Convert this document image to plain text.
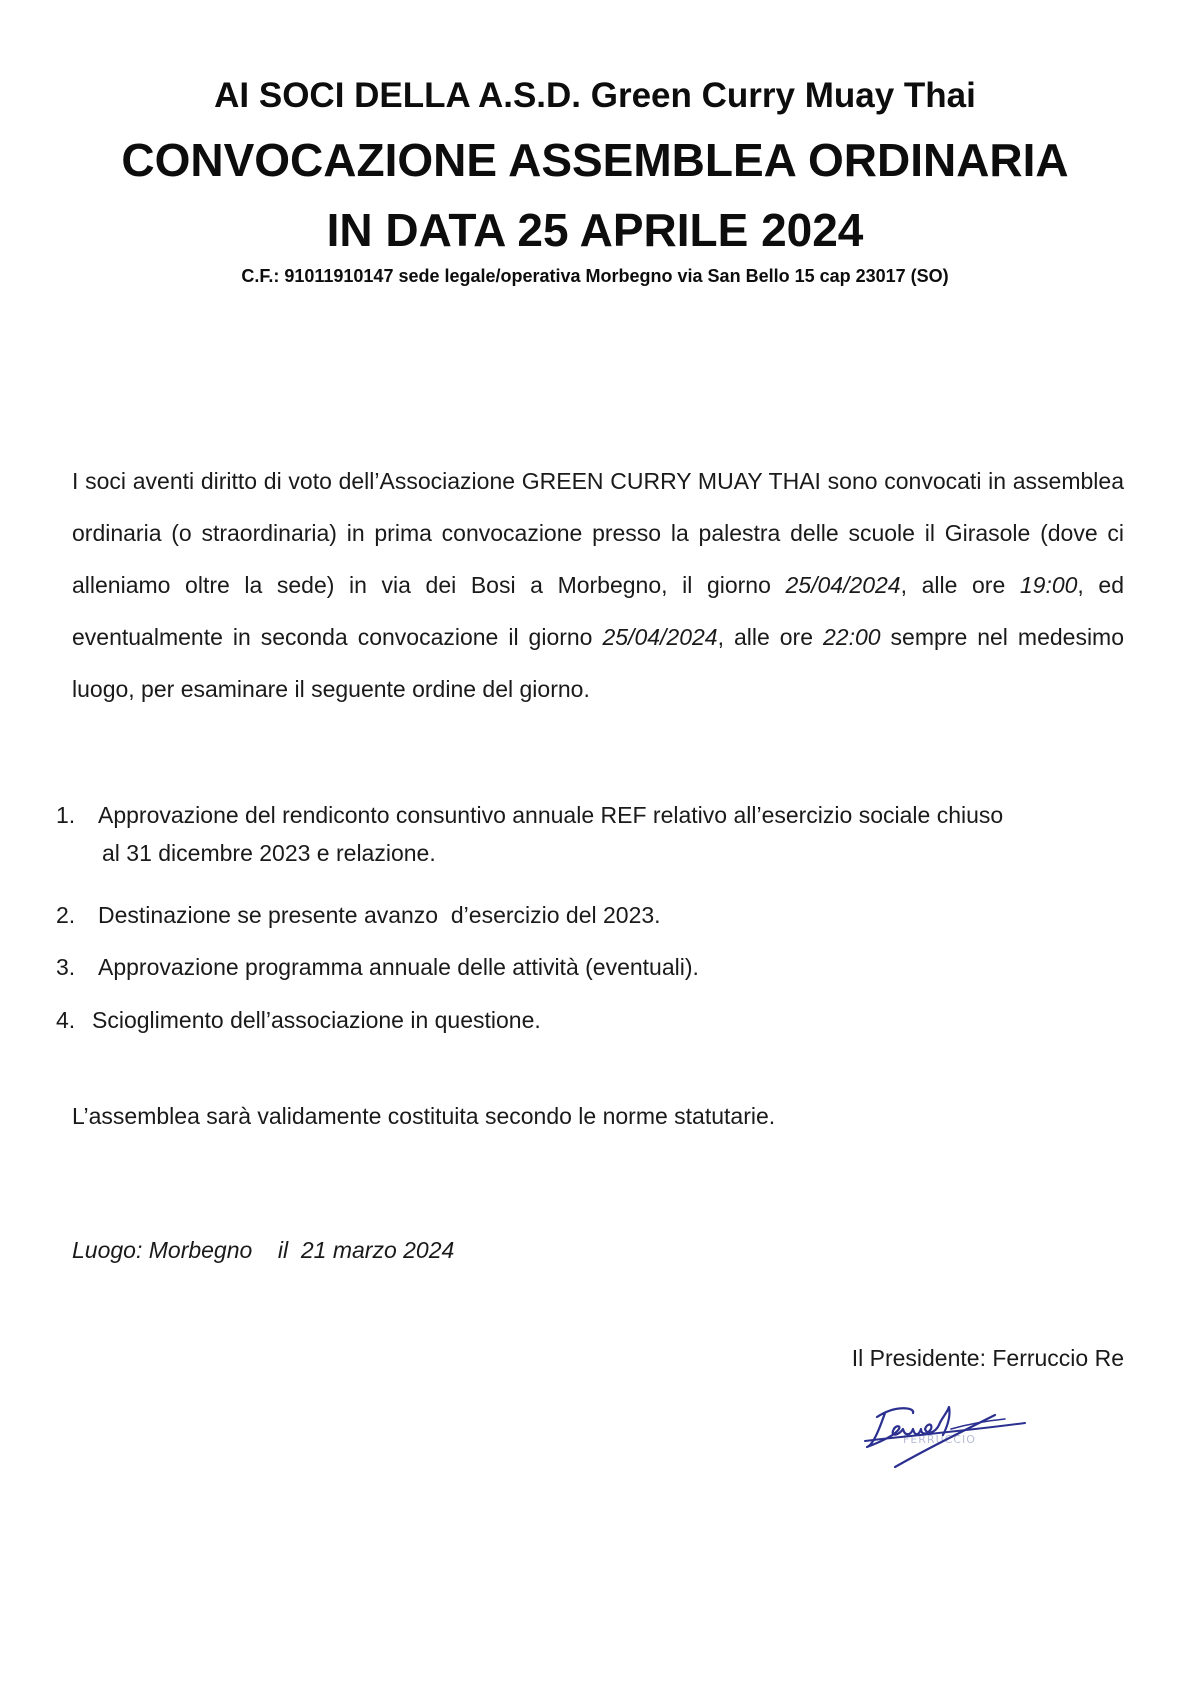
AI SOCI DELLA A.S.D. Green Curry Muay Thai
CONVOCAZIONE ASSEMBLEA ORDINARIA
IN DATA 25 APRILE 2024
C.F.: 91011910147 sede legale/operativa Morbegno via San Bello 15 cap 23017 (SO)
I soci aventi diritto di voto dell’Associazione GREEN CURRY MUAY THAI sono convocati in assemblea ordinaria (o straordinaria) in prima convocazione presso la palestra delle scuole il Girasole (dove ci alleniamo oltre la sede) in via dei Bosi a Morbegno, il giorno 25/04/2024, alle ore 19:00, ed eventualmente in seconda convocazione il giorno 25/04/2024, alle ore 22:00 sempre nel medesimo luogo, per esaminare il seguente ordine del giorno.
1. Approvazione del rendiconto consuntivo annuale REF relativo all’esercizio sociale chiuso
al 31 dicembre 2023 e relazione.
2. Destinazione se presente avanzo  d’esercizio del 2023.
3. Approvazione programma annuale delle attività (eventuali).
4. Scioglimento dell’associazione in questione.
L’assemblea sarà validamente costituita secondo le norme statutarie.
Luogo: Morbegno    il  21 marzo 2024
Il Presidente: Ferruccio Re
FERRUCCIO
